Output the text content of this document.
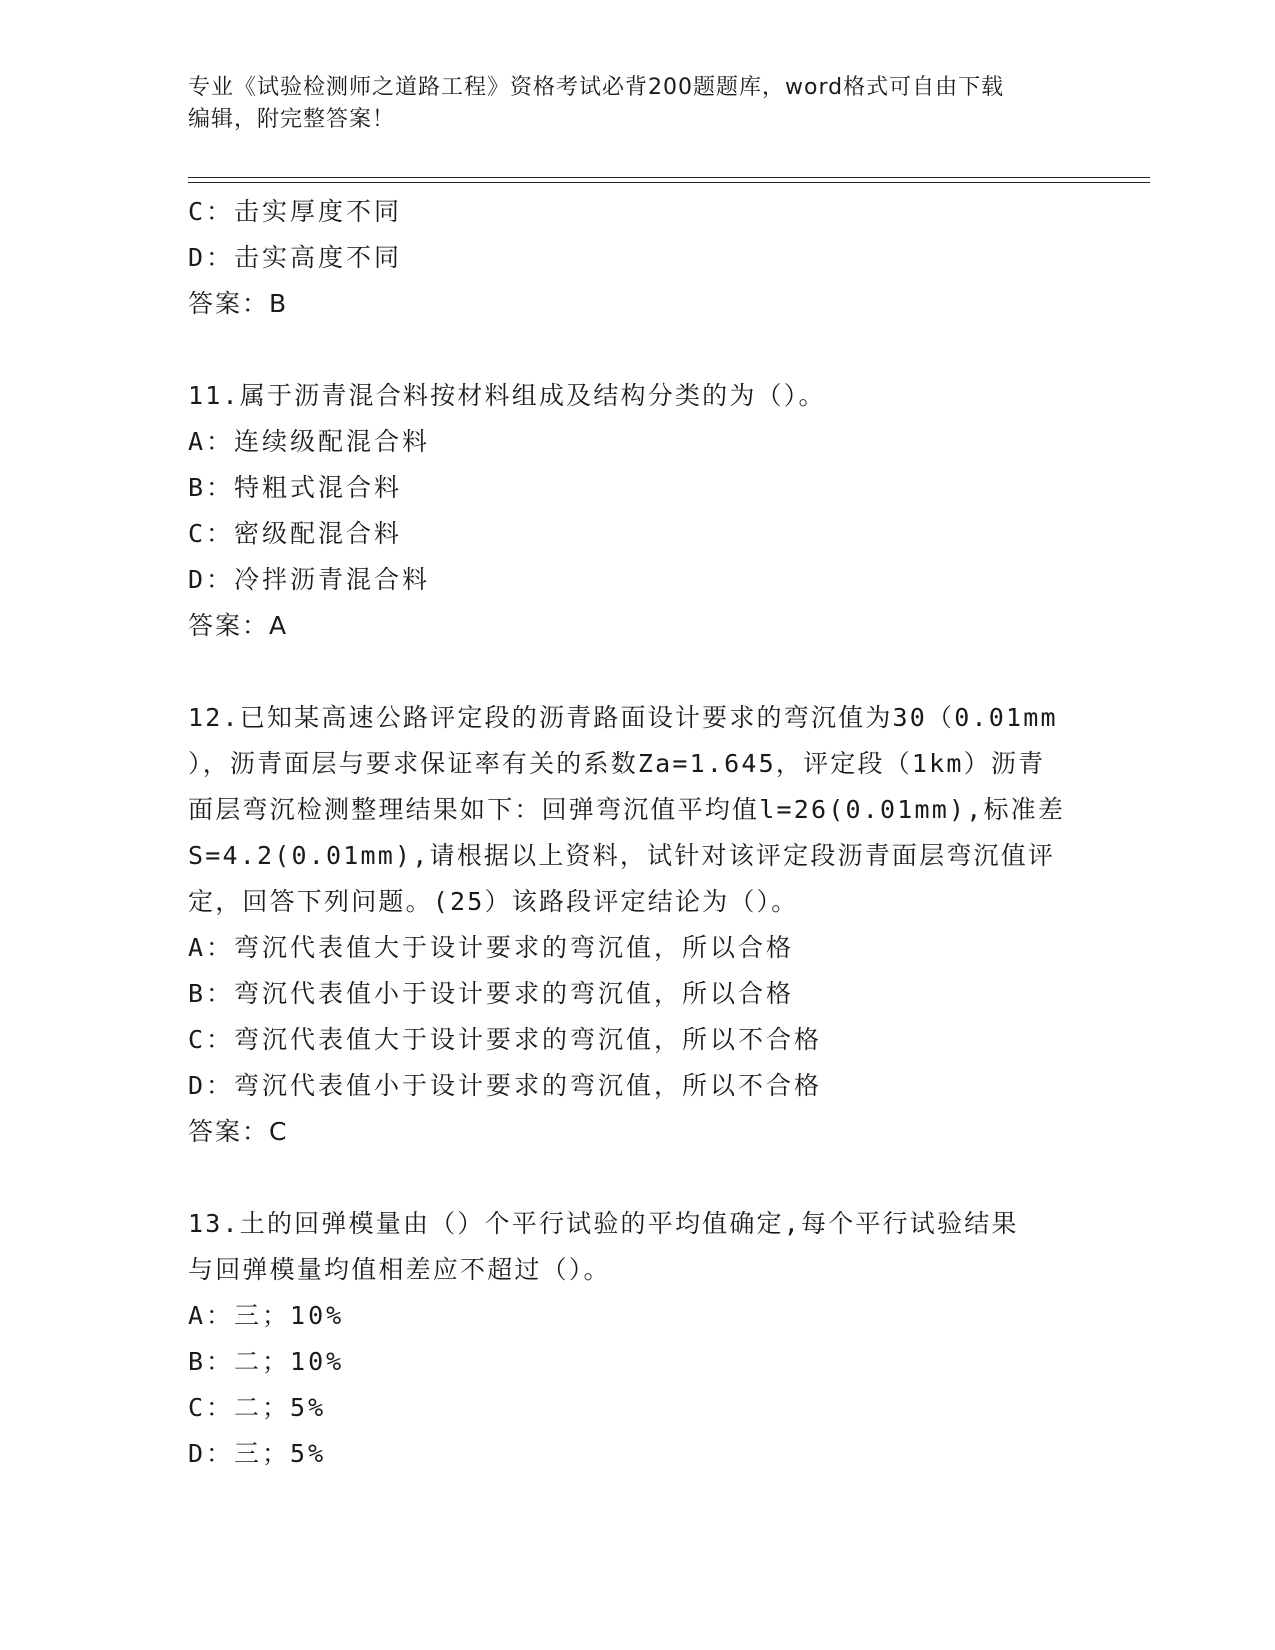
专业《试验检测师之道路工程》资格考试必背200题题库，word格式可自由下载
编辑，附完整答案！
C：击实厚度不同
D：击实高度不同
答案：B
11.属于沥青混合料按材料组成及结构分类的为（）。
A：连续级配混合料
B：特粗式混合料
C：密级配混合料
D：冷拌沥青混合料
答案：A
12.已知某高速公路评定段的沥青路面设计要求的弯沉值为30（0.01mm
），沥青面层与要求保证率有关的系数Za=1.645，评定段（1km）沥青
面层弯沉检测整理结果如下：回弹弯沉值平均值l=26(0.01mm),标准差
S=4.2(0.01mm),请根据以上资料，试针对该评定段沥青面层弯沉值评
定，回答下列问题。(25）该路段评定结论为（）。
A：弯沉代表值大于设计要求的弯沉值，所以合格
B：弯沉代表值小于设计要求的弯沉值，所以合格
C：弯沉代表值大于设计要求的弯沉值，所以不合格
D：弯沉代表值小于设计要求的弯沉值，所以不合格
答案：C
13.土的回弹模量由（）个平行试验的平均值确定,每个平行试验结果
与回弹模量均值相差应不超过（）。
A：三；10%
B：二；10%
C：二；5%
D：三；5%
